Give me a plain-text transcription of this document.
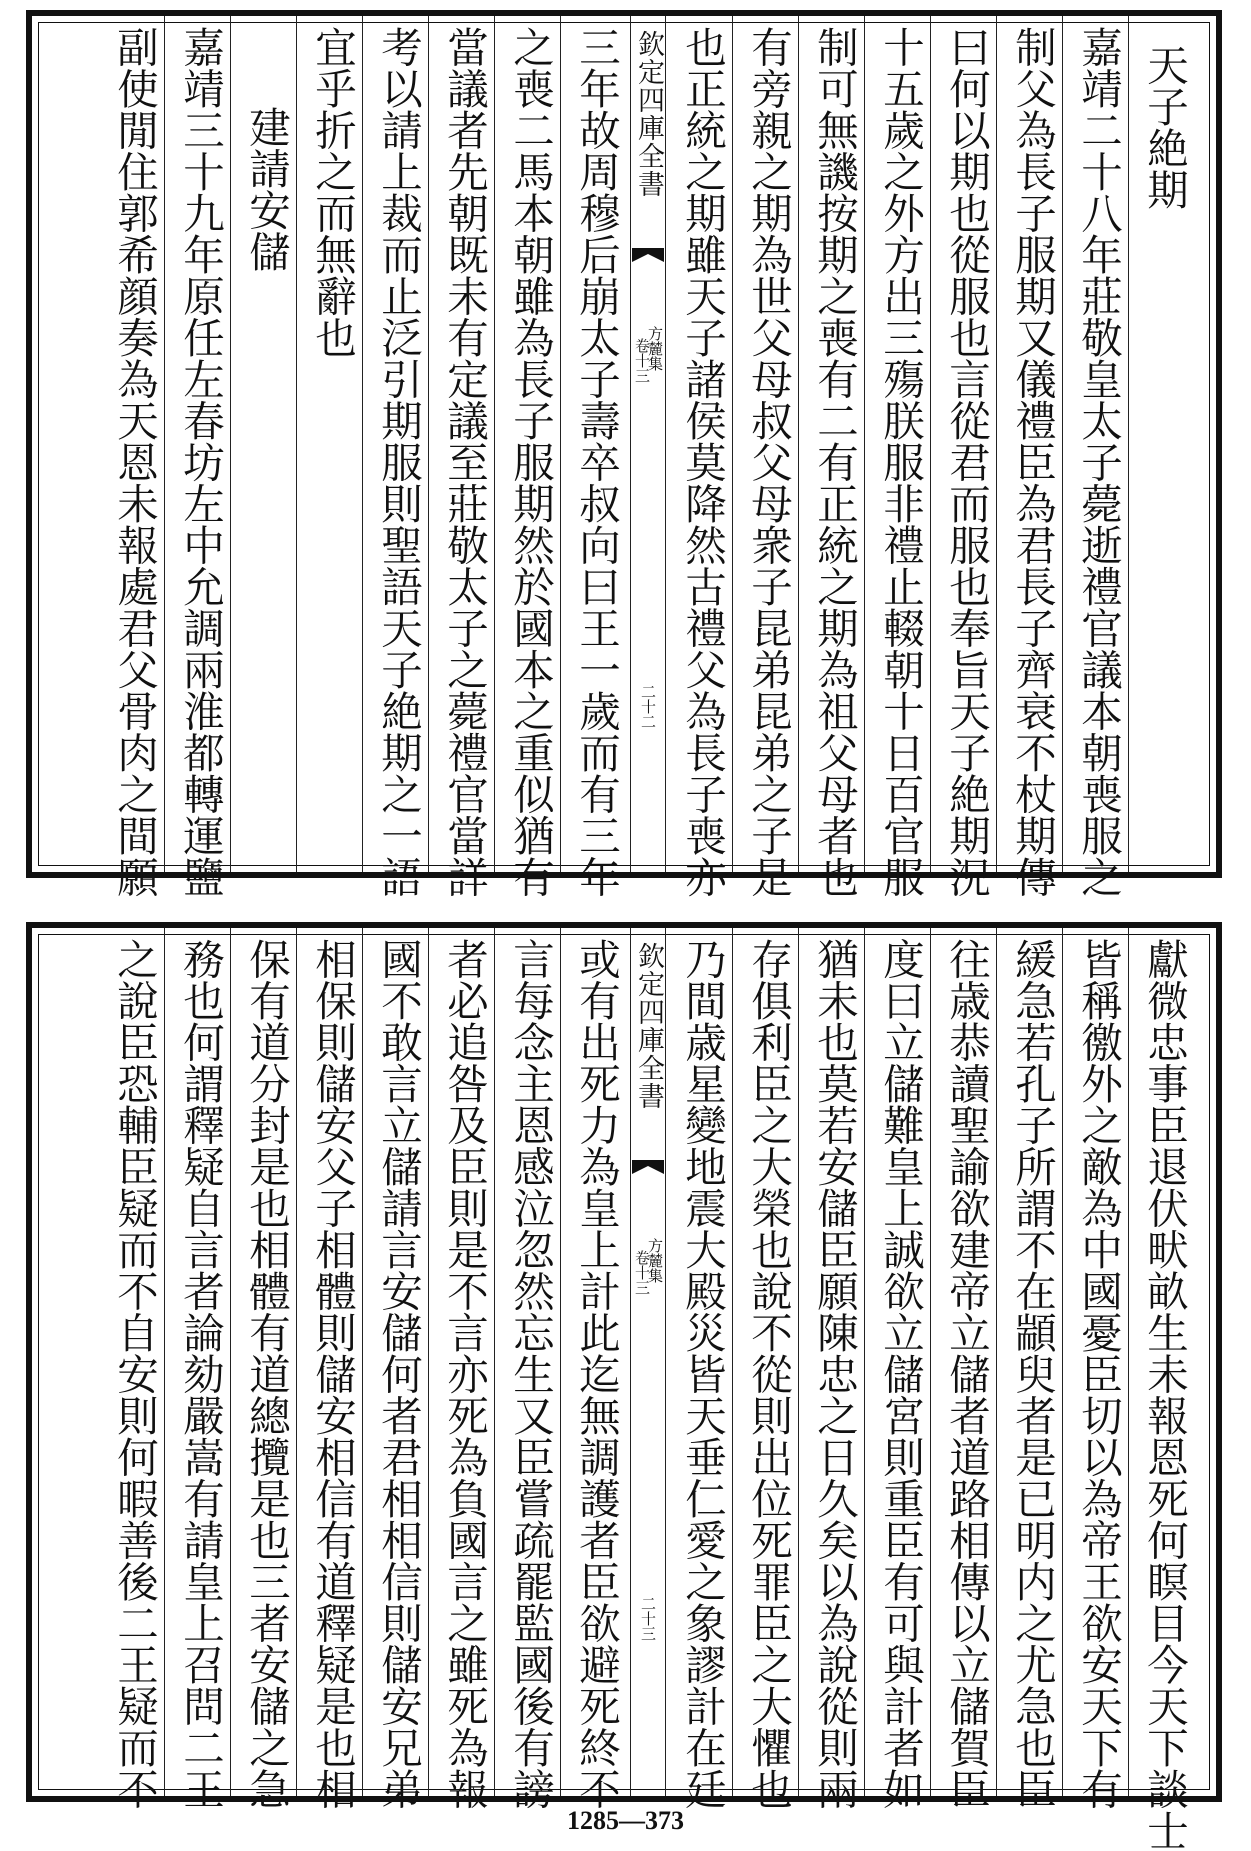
天子絶期
嘉靖二十八年莊敬皇太子薨逝禮官議本朝喪服之
制父為長子服期又儀禮臣為君長子齊衰不杖期傳
曰何以期也從服也言從君而服也奉旨天子絶期況
十五歲之外方出三殤朕服非禮止輟朝十日百官服
制可無譏按期之喪有二有正統之期為祖父母者也
有旁親之期為世父母叔父母衆子昆弟昆弟之子是
也正統之期雖天子諸侯莫降然古禮父為長子喪亦
欽定四庫全書
方麓集
卷十三
二十二
三年故周穆后崩太子壽卒叔向曰王一歲而有三年
之喪二馬本朝雖為長子服期然於國本之重似猶有
當議者先朝既未有定議至莊敬太子之薨禮官當詳
考以請上裁而止泛引期服則聖語天子絶期之一語
宜乎折之而無辭也
建請安儲
嘉靖三十九年原任左春坊左中允調兩淮都轉運鹽
副使閒住郭希顔奏為天恩未報處君父骨肉之間願
獻微忠事臣退伏畎畝生未報恩死何瞑目今天下談士
皆稱徼外之敵為中國憂臣切以為帝王欲安天下有
緩急若孔子所謂不在顓臾者是已明内之尤急也臣
往歳恭讀聖諭欲建帝立儲者道路相傳以立儲賀臣
度曰立儲難皇上誠欲立儲宮則重臣有可與計者如
猶未也莫若安儲臣願陳忠之日久矣以為說從則兩
存俱利臣之大榮也說不從則出位死罪臣之大懼也
乃間歳星變地震大殿災皆天垂仁愛之象謬計在廷
欽定四庫全書
方麓集
卷十三
二十三
或有出死力為皇上計此迄無調護者臣欲避死終不
言每念主恩感泣忽然忘生又臣嘗疏罷監國後有謗
者必追咎及臣則是不言亦死為負國言之雖死為報
國不敢言立儲請言安儲何者君相相信則儲安兄弟
相保則儲安父子相體則儲安相信有道釋疑是也相
保有道分封是也相體有道總攬是也三者安儲之急
務也何謂釋疑自言者論劾嚴嵩有請皇上召問二王
之說臣恐輔臣疑而不自安則何暇善後二王疑而不
1285—373
